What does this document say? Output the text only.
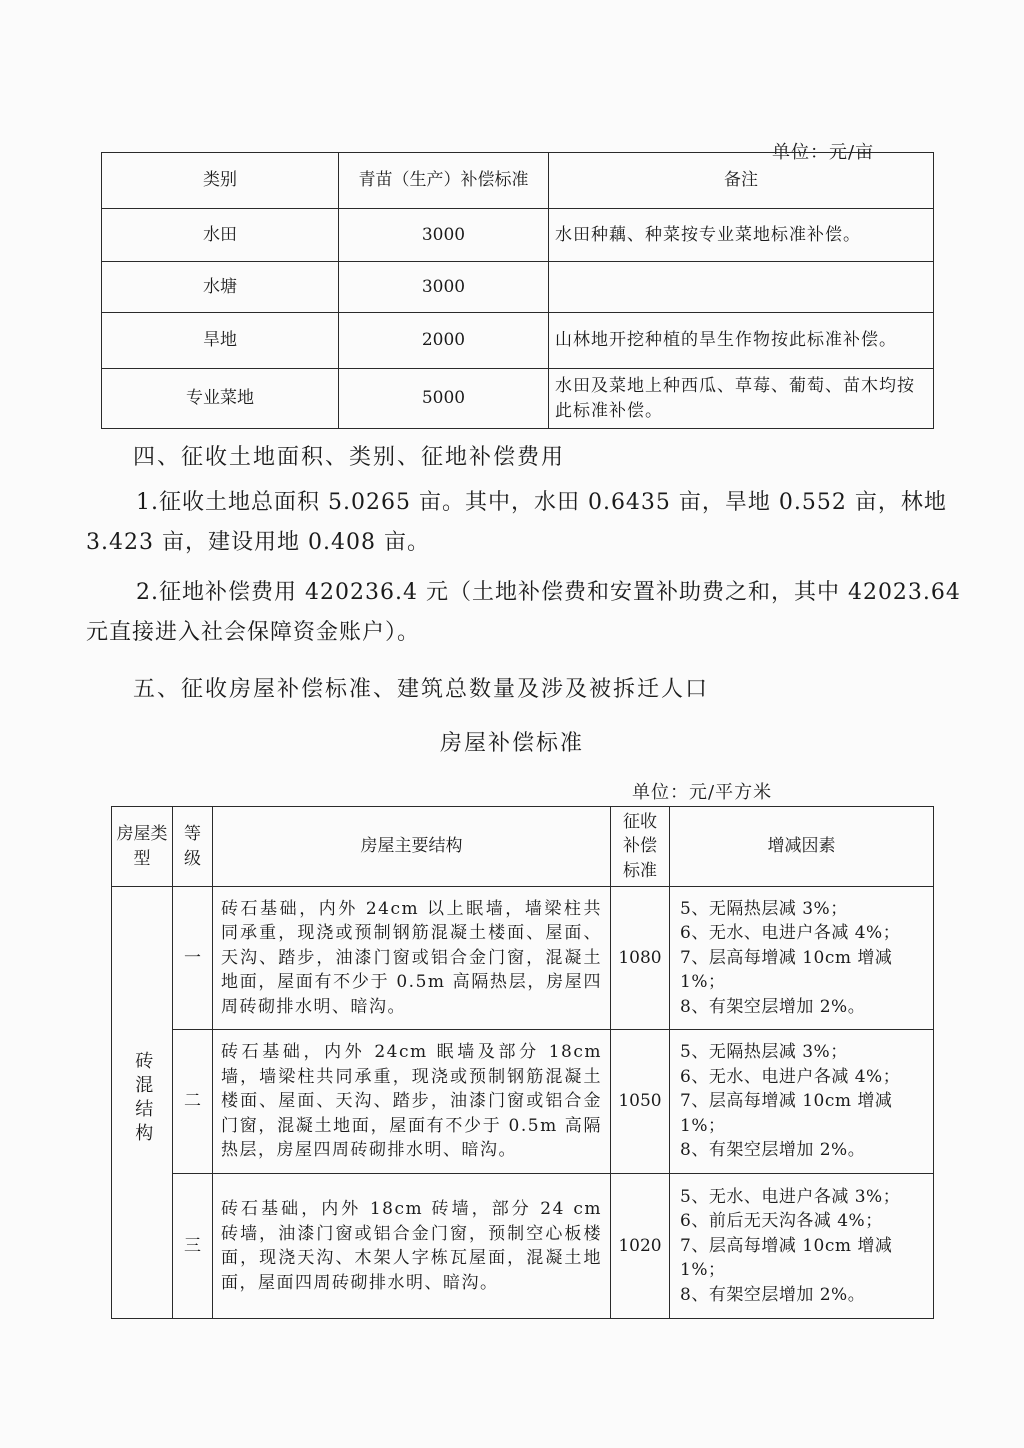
单位：元/亩
类别	青苗（生产）补偿标准	备注
水田	3000	水田种藕、种菜按专业菜地标准补偿。
水塘	3000	
旱地	2000	山林地开挖种植的旱生作物按此标准补偿。
专业菜地	5000	水田及菜地上种西瓜、草莓、葡萄、苗木均按此标准补偿。
四、征收土地面积、类别、征地补偿费用
1.征收土地总面积 5.0265 亩。其中，水田 0.6435 亩，旱地 0.552 亩，林地 3.423 亩，建设用地 0.408 亩。
2.征地补偿费用 420236.4 元（土地补偿费和安置补助费之和，其中 42023.64 元直接进入社会保障资金账户）。
五、征收房屋补偿标准、建筑总数量及涉及被拆迁人口
房屋补偿标准
单位：元/平方米
房屋类型	等级	房屋主要结构	征收补偿标准	增减因素
砖混结构	一	砖石基础，内外 24cm 以上眠墙，墙梁柱共同承重，现浇或预制钢筋混凝土楼面、屋面、天沟、踏步，油漆门窗或铝合金门窗，混凝土地面，屋面有不少于 0.5m 高隔热层，房屋四周砖砌排水明、暗沟。	1080	5、无隔热层减 3%；
6、无水、电进户各减 4%；
7、层高每增减 10cm 增减 1%；
8、有架空层增加 2%。

	二	砖石基础，内外 24cm 眠墙及部分 18cm 墙，墙梁柱共同承重，现浇或预制钢筋混凝土楼面、屋面、天沟、踏步，油漆门窗或铝合金门窗，混凝土地面，屋面有不少于 0.5m 高隔热层，房屋四周砖砌排水明、暗沟。	1050	5、无隔热层减 3%；
6、无水、电进户各减 4%；
7、层高每增减 10cm 增减 1%；
8、有架空层增加 2%。

	三	砖石基础，内外 18cm 砖墙，部分 24 cm 砖墙，油漆门窗或铝合金门窗，预制空心板楼面，现浇天沟、木架人字栋瓦屋面，混凝土地面，屋面四周砖砌排水明、暗沟。	1020	5、无水、电进户各减 3%；
6、前后无天沟各减 4%；
7、层高每增减 10cm 增减 1%；
8、有架空层增加 2%。
